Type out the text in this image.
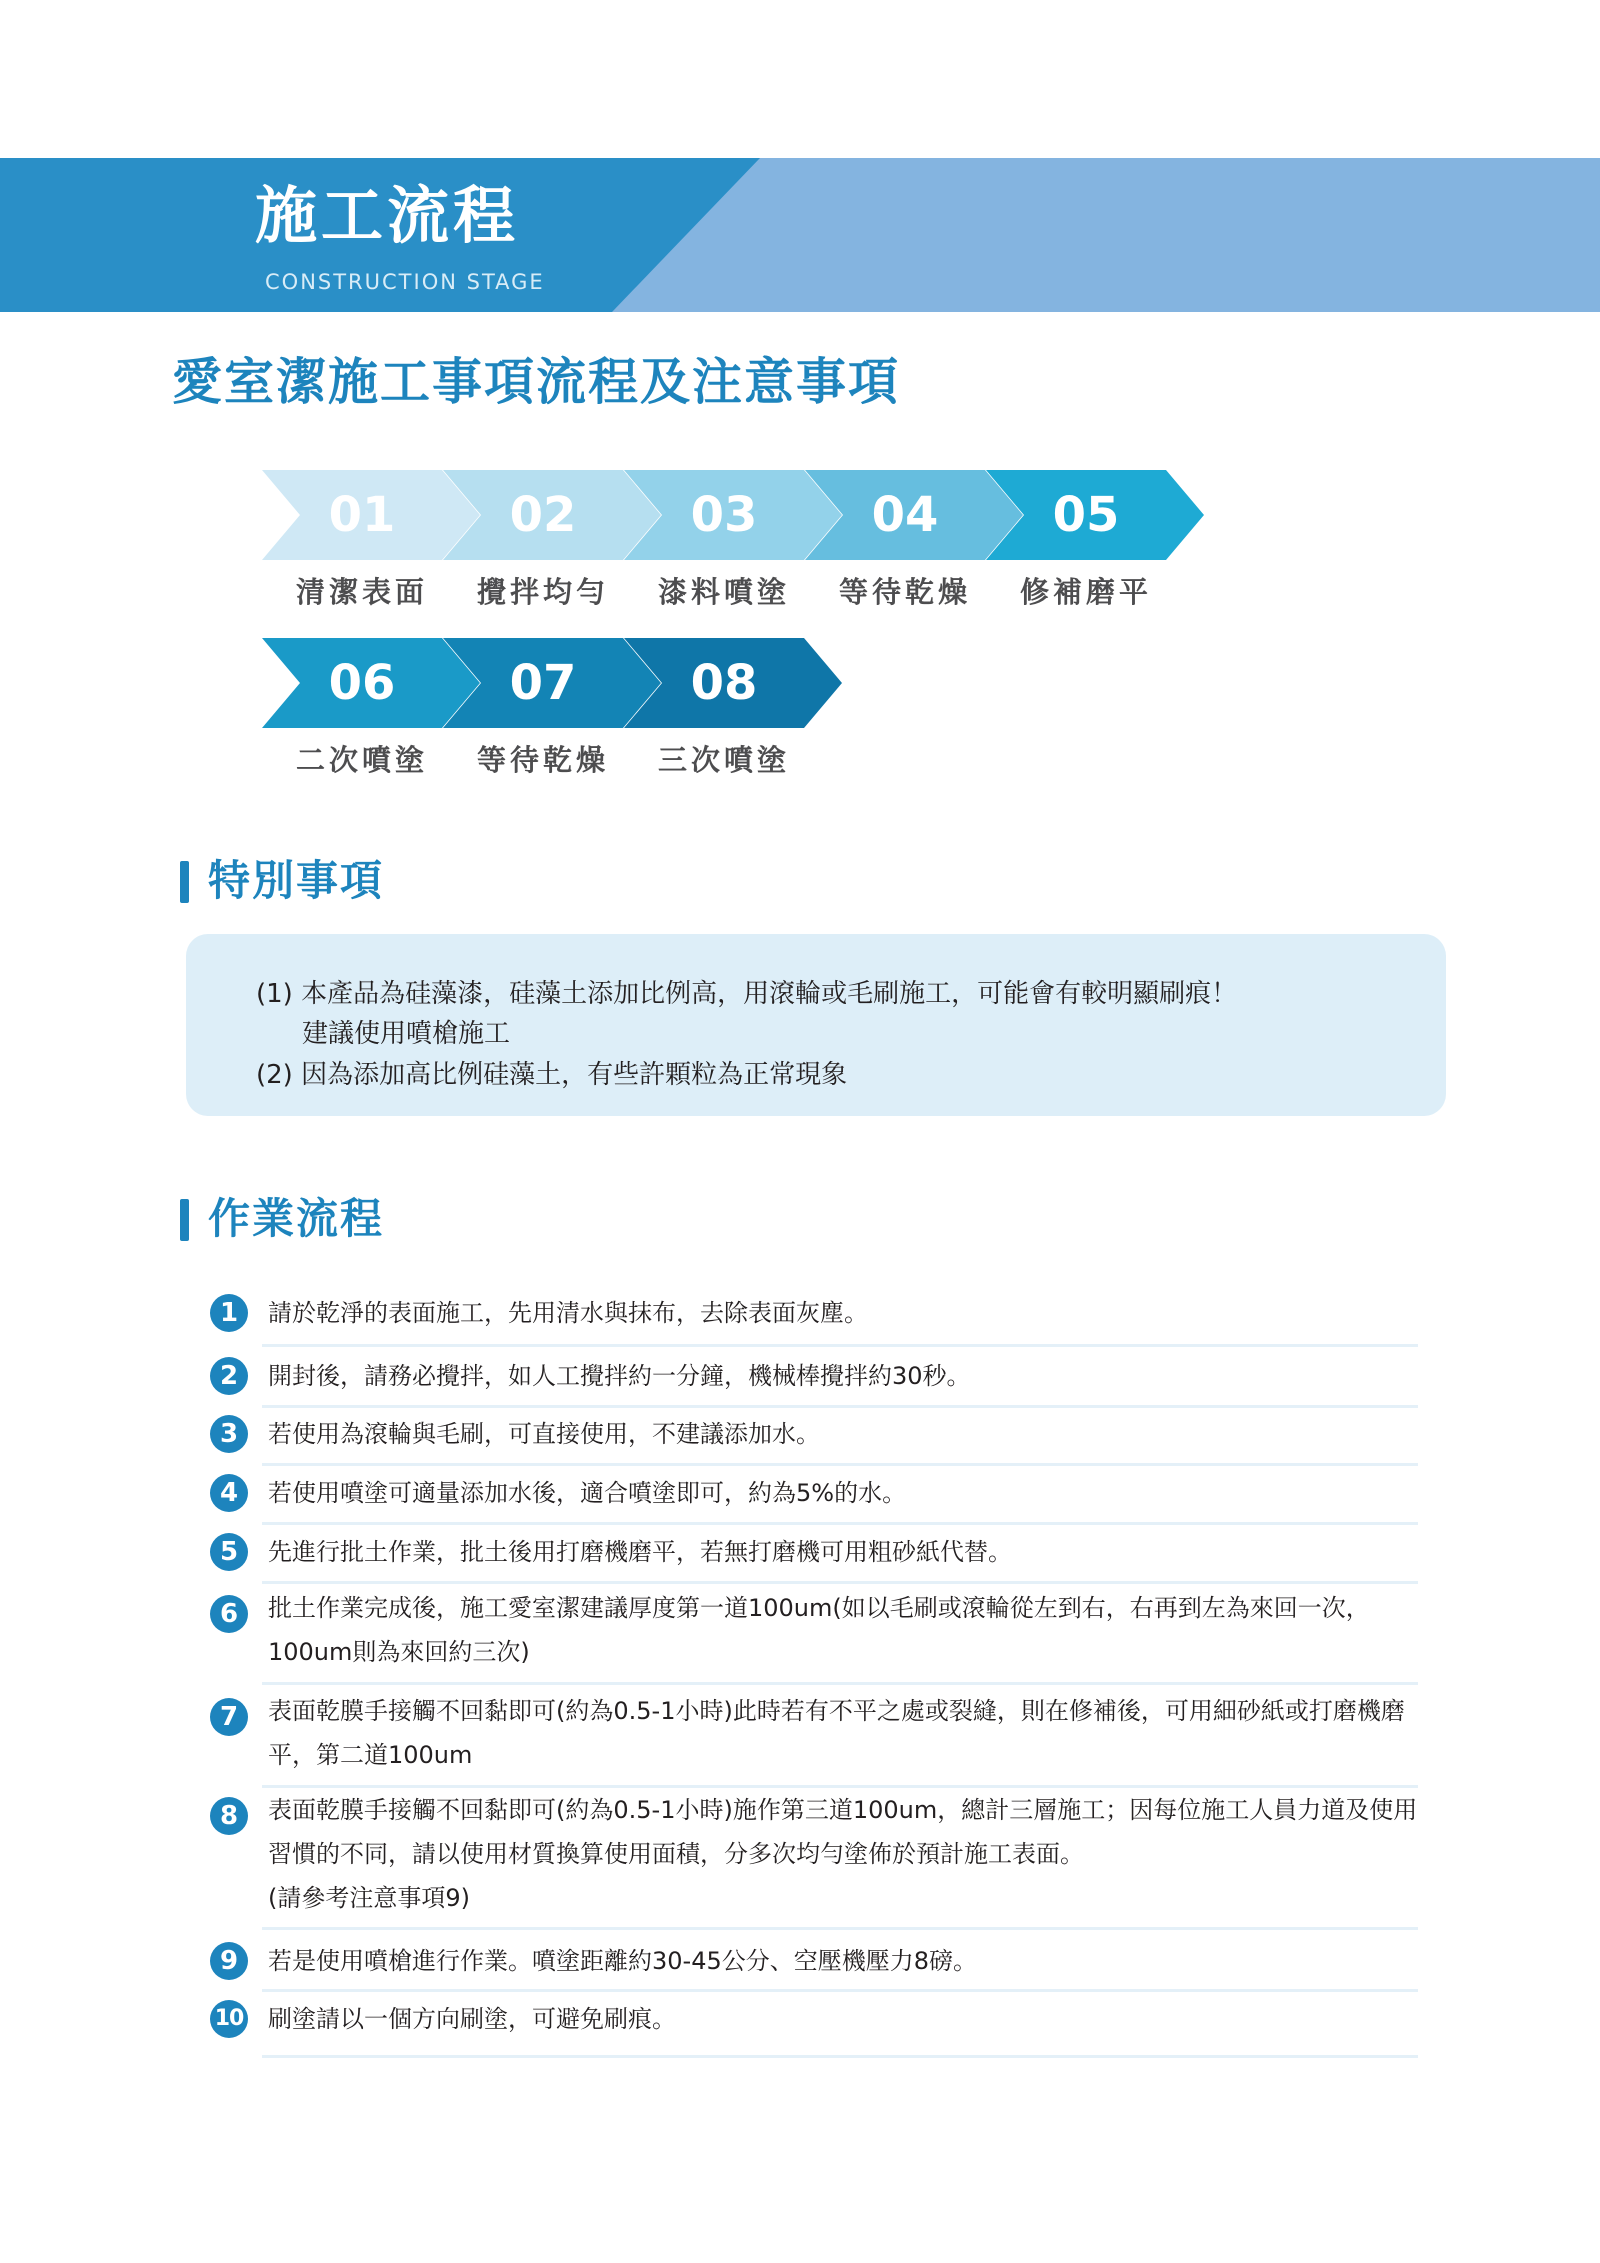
施工流程
CONSTRUCTION STAGE
愛室潔施工事項流程及注意事項
01
清潔表面
02
攪拌均勻
03
漆料噴塗
04
等待乾燥
05
修補磨平
06
二次噴塗
07
等待乾燥
08
三次噴塗
特別事項
(1) 本產品為硅藻漆，硅藻土添加比例高，用滾輪或毛刷施工，可能會有較明顯刷痕！
建議使用噴槍施工
(2) 因為添加高比例硅藻土，有些許顆粒為正常現象
作業流程
1	請於乾淨的表面施工，先用清水與抹布，去除表面灰塵。
2	開封後，請務必攪拌，如人工攪拌約一分鐘，機械棒攪拌約30秒。
3	若使用為滾輪與毛刷，可直接使用，不建議添加水。
4	若使用噴塗可適量添加水後，適合噴塗即可，約為5%的水。
5	先進行批土作業，批土後用打磨機磨平，若無打磨機可用粗砂紙代替。
6	批土作業完成後，施工愛室潔建議厚度第一道100um(如以毛刷或滾輪從左到右，右再到左為來回一次，100um則為來回約三次)
7	表面乾膜手接觸不回黏即可(約為0.5-1小時)此時若有不平之處或裂縫，則在修補後，可用細砂紙或打磨機磨平，第二道100um
8	表面乾膜手接觸不回黏即可(約為0.5-1小時)施作第三道100um，總計三層施工；因每位施工人員力道及使用習慣的不同，請以使用材質換算使用面積，分多次均勻塗佈於預計施工表面。
(請參考注意事項9)
9	若是使用噴槍進行作業。噴塗距離約30-45公分、空壓機壓力8磅。
10 刷塗請以一個方向刷塗，可避免刷痕。
